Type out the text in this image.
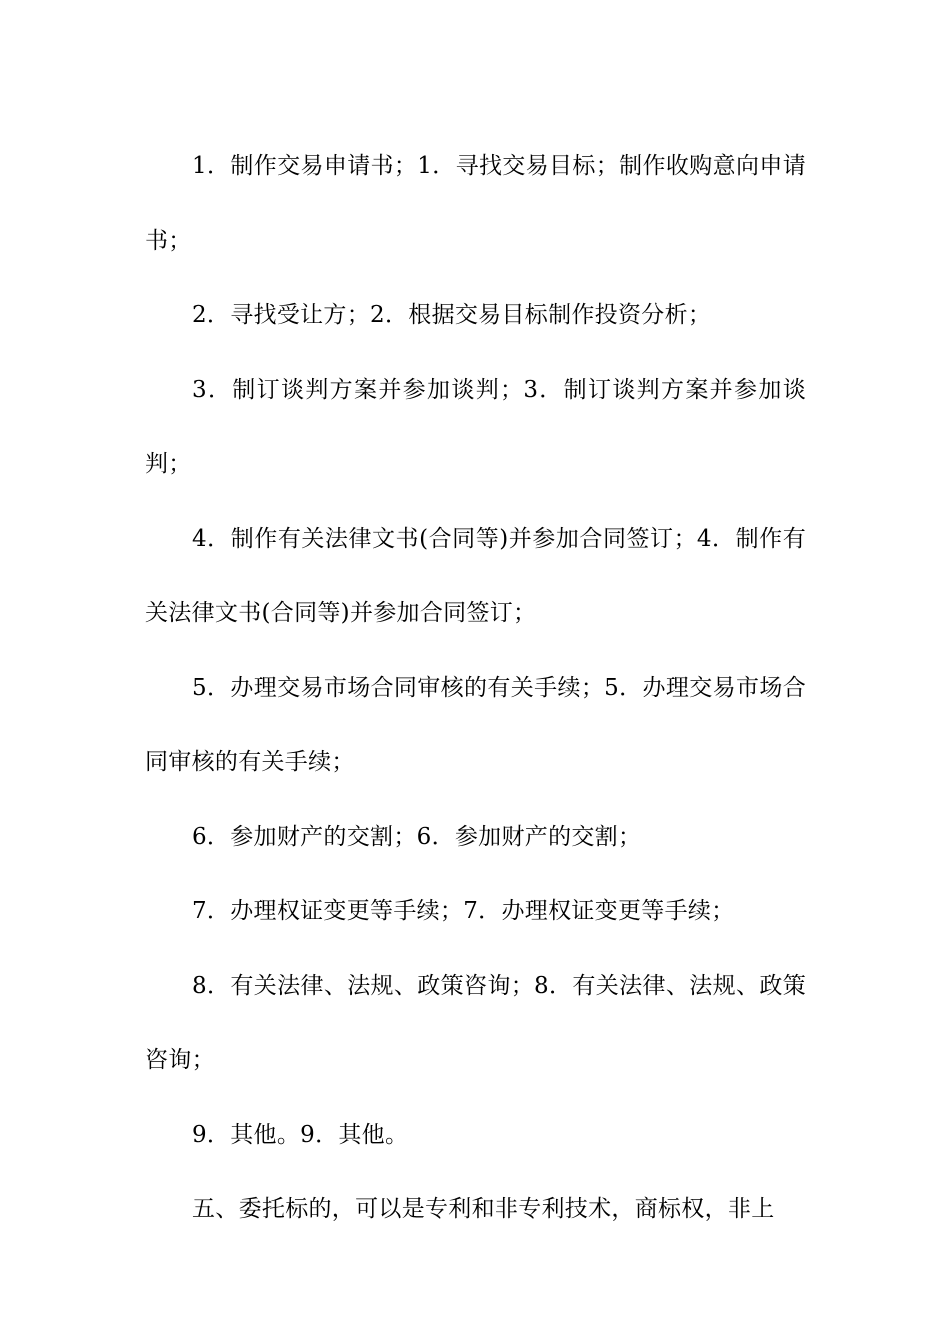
1．制作交易申请书；1．寻找交易目标；制作收购意向申请书；

2．寻找受让方；2．根据交易目标制作投资分析；

3．制订谈判方案并参加谈判；3．制订谈判方案并参加谈判；

4．制作有关法律文书(合同等)并参加合同签订；4．制作有关法律文书(合同等)并参加合同签订；

5．办理交易市场合同审核的有关手续；5．办理交易市场合同审核的有关手续；

6．参加财产的交割；6．参加财产的交割；

7．办理权证变更等手续；7．办理权证变更等手续；

8．有关法律、法规、政策咨询；8．有关法律、法规、政策咨询；

9．其他。9．其他。

五、委托标的，可以是专利和非专利技术，商标权，非上
